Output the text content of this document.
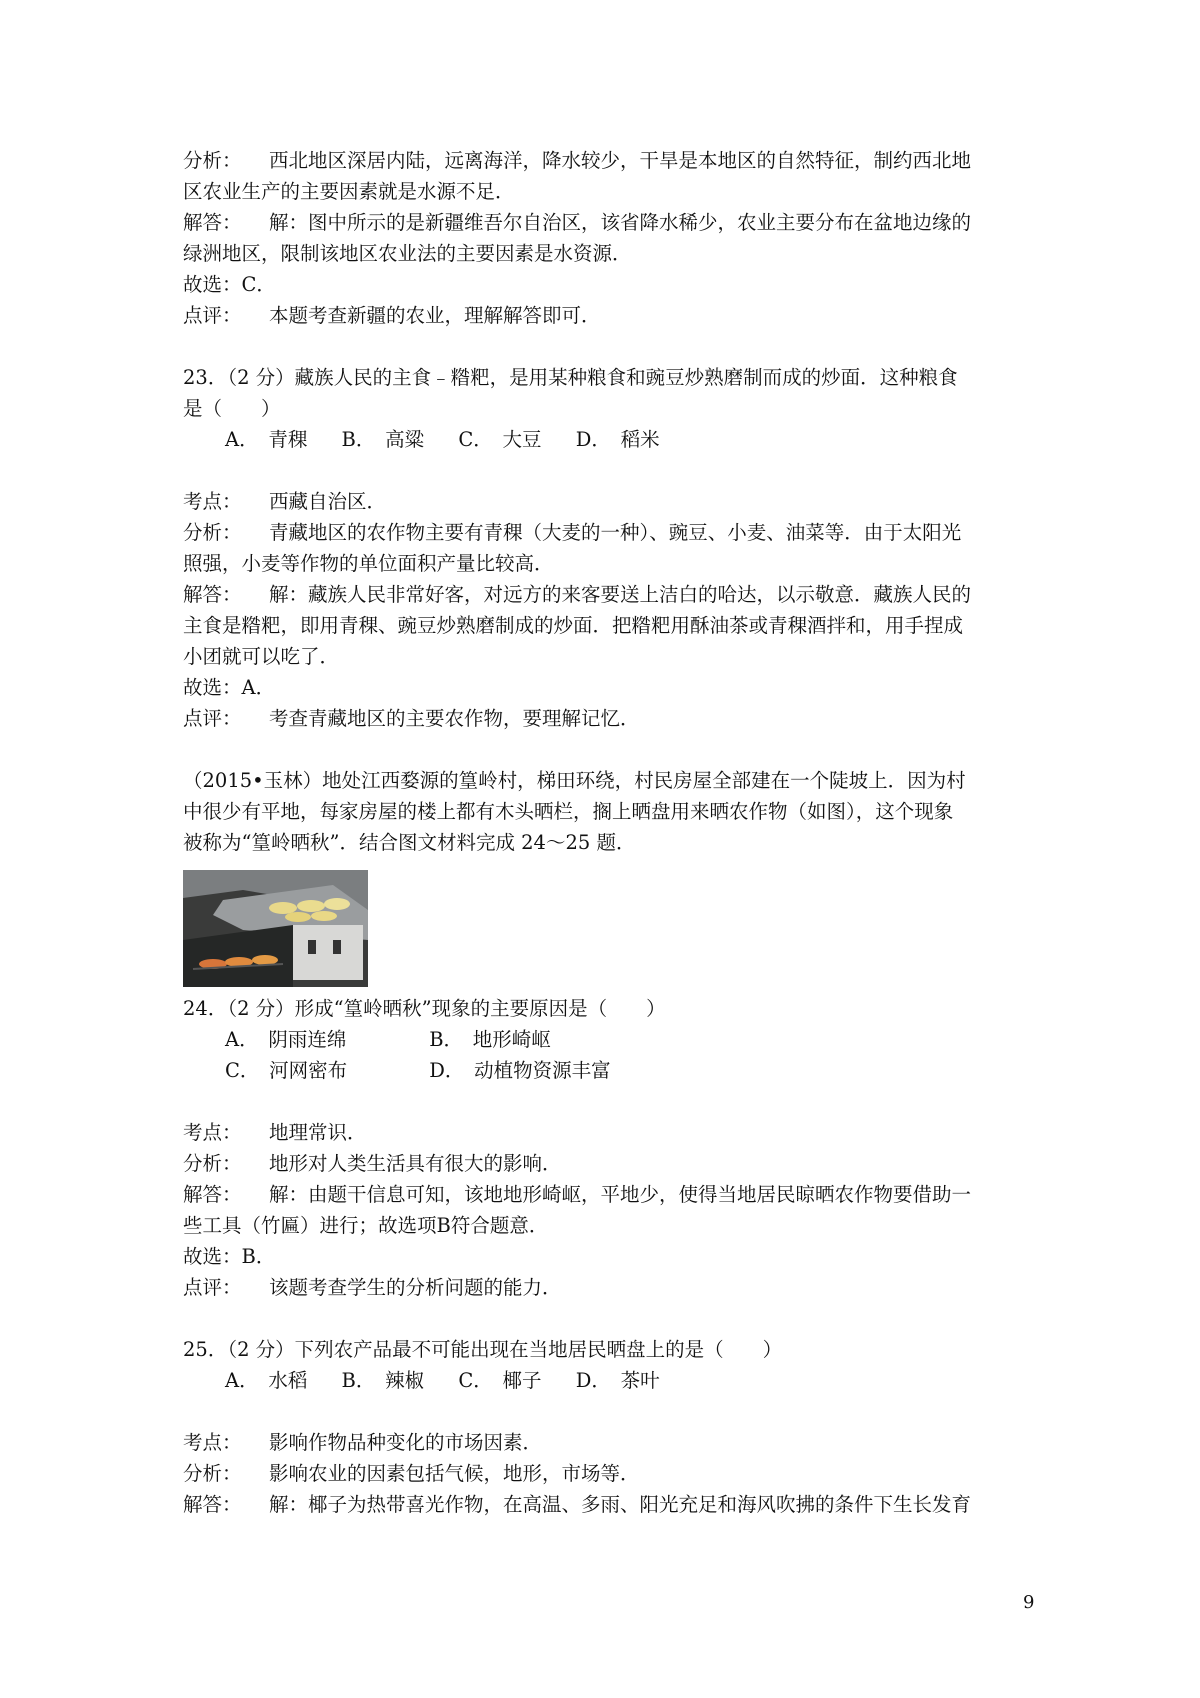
分析： 西北地区深居内陆，远离海洋，降水较少，干旱是本地区的自然特征，制约西北地
区农业生产的主要因素就是水源不足．
解答： 解：图中所示的是新疆维吾尔自治区，该省降水稀少，农业主要分布在盆地边缘的
绿洲地区，限制该地区农业法的主要因素是水资源．
故选：C．
点评： 本题考查新疆的农业，理解解答即可．
23．（2 分）藏族人民的主食﹣糌粑，是用某种粮食和豌豆炒熟磨制而成的炒面．这种粮食
是（　　）
A．　青稞 B．　高粱 C．　大豆 D．　稻米
考点： 西藏自治区．
分析： 青藏地区的农作物主要有青稞（大麦的一种）、豌豆、小麦、油菜等．由于太阳光
照强，小麦等作物的单位面积产量比较高．
解答： 解：藏族人民非常好客，对远方的来客要送上洁白的哈达，以示敬意．藏族人民的
主食是糌粑，即用青稞、豌豆炒熟磨制成的炒面．把糌粑用酥油茶或青稞酒拌和，用手捏成
小团就可以吃了．
故选：A．
点评： 考查青藏地区的主要农作物，要理解记忆．
（2015•玉林）地处江西婺源的篁岭村，梯田环绕，村民房屋全部建在一个陡坡上．因为村
中很少有平地，每家房屋的楼上都有木头晒栏，搁上晒盘用来晒农作物（如图），这个现象
被称为“篁岭晒秋”．结合图文材料完成 24～25 题．
24．（2 分）形成“篁岭晒秋”现象的主要原因是（　　）
A．　阴雨连绵	B．　地形崎岖
C．　河网密布	D．　动植物资源丰富
考点： 地理常识．
分析： 地形对人类生活具有很大的影响．
解答： 解：由题干信息可知，该地地形崎岖，平地少，使得当地居民晾晒农作物要借助一
些工具（竹匾）进行；故选项B符合题意．
故选：B．
点评： 该题考查学生的分析问题的能力．
25．（2 分）下列农产品最不可能出现在当地居民晒盘上的是（　　）
A．　水稻 B．　辣椒 C．　椰子 D．　茶叶
考点： 影响作物品种变化的市场因素．
分析： 影响农业的因素包括气候，地形，市场等．
解答： 解：椰子为热带喜光作物，在高温、多雨、阳光充足和海风吹拂的条件下生长发育
9
